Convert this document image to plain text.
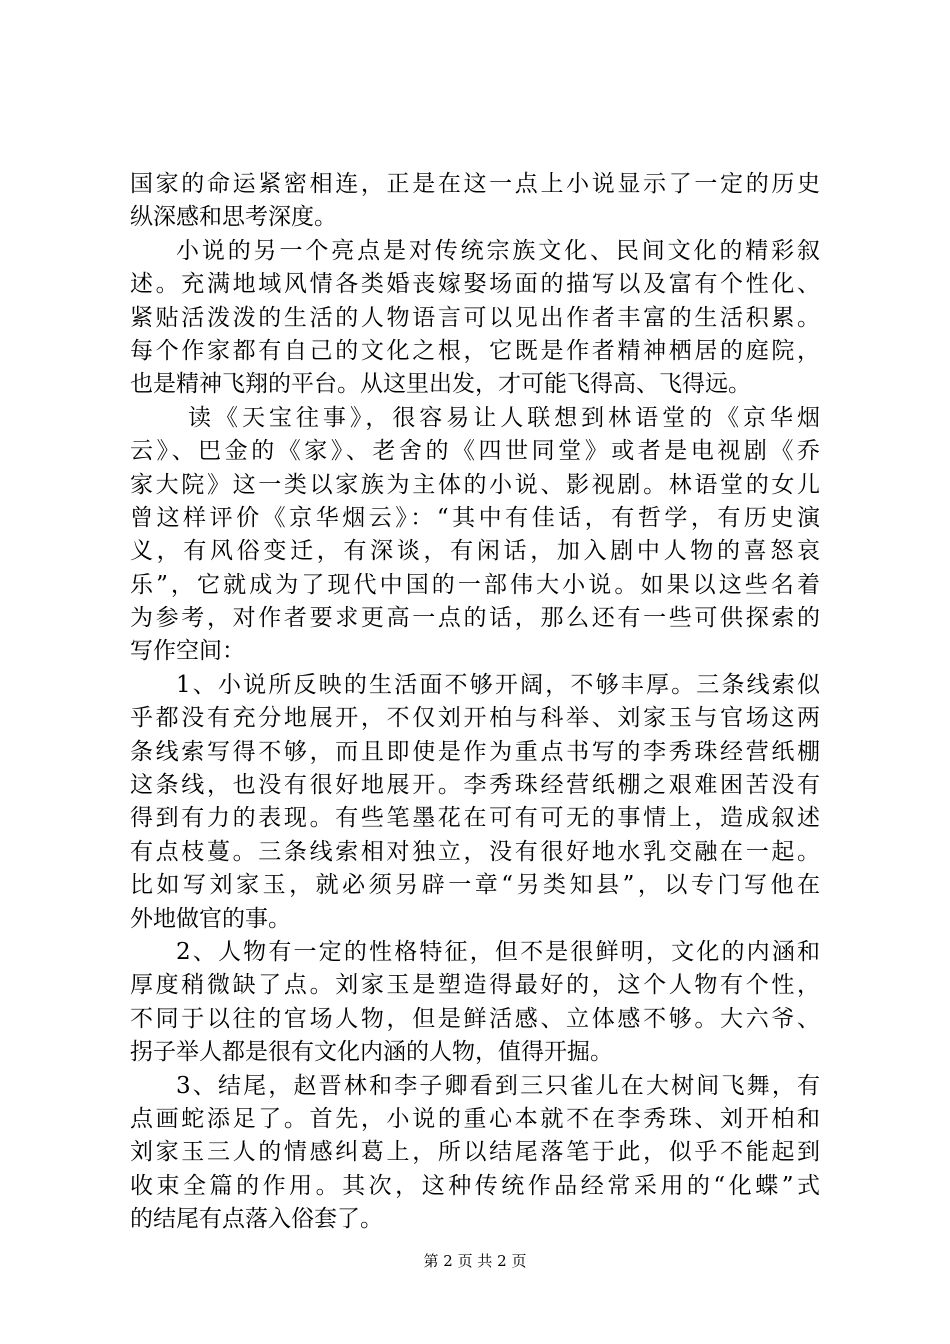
国家的命运紧密相连，正是在这一点上小说显示了一定的历史
纵深感和思考深度。
小说的另一个亮点是对传统宗族文化、民间文化的精彩叙
述。充满地域风情各类婚丧嫁娶场面的描写以及富有个性化、
紧贴活泼泼的生活的人物语言可以见出作者丰富的生活积累。
每个作家都有自己的文化之根，它既是作者精神栖居的庭院，
也是精神飞翔的平台。从这里出发，才可能飞得高、飞得远。
读《天宝往事》，很容易让人联想到林语堂的《京华烟
云》、巴金的《家》、老舍的《四世同堂》或者是电视剧《乔
家大院》这一类以家族为主体的小说、影视剧。林语堂的女儿
曾这样评价《京华烟云》：“其中有佳话，有哲学，有历史演
义，有风俗变迁，有深谈，有闲话，加入剧中人物的喜怒哀
乐”，它就成为了现代中国的一部伟大小说。如果以这些名着
为参考，对作者要求更高一点的话，那么还有一些可供探索的
写作空间：
1、小说所反映的生活面不够开阔，不够丰厚。三条线索似
乎都没有充分地展开，不仅刘开柏与科举、刘家玉与官场这两
条线索写得不够，而且即使是作为重点书写的李秀珠经营纸棚
这条线，也没有很好地展开。李秀珠经营纸棚之艰难困苦没有
得到有力的表现。有些笔墨花在可有可无的事情上，造成叙述
有点枝蔓。三条线索相对独立，没有很好地水乳交融在一起。
比如写刘家玉，就必须另辟一章“另类知县”，以专门写他在
外地做官的事。
2、人物有一定的性格特征，但不是很鲜明，文化的内涵和
厚度稍微缺了点。刘家玉是塑造得最好的，这个人物有个性，
不同于以往的官场人物，但是鲜活感、立体感不够。大六爷、
拐子举人都是很有文化内涵的人物，值得开掘。
3、结尾，赵晋林和李子卿看到三只雀儿在大树间飞舞，有
点画蛇添足了。首先，小说的重心本就不在李秀珠、刘开柏和
刘家玉三人的情感纠葛上，所以结尾落笔于此，似乎不能起到
收束全篇的作用。其次，这种传统作品经常采用的“化蝶”式
的结尾有点落入俗套了。
第 2 页 共 2 页
